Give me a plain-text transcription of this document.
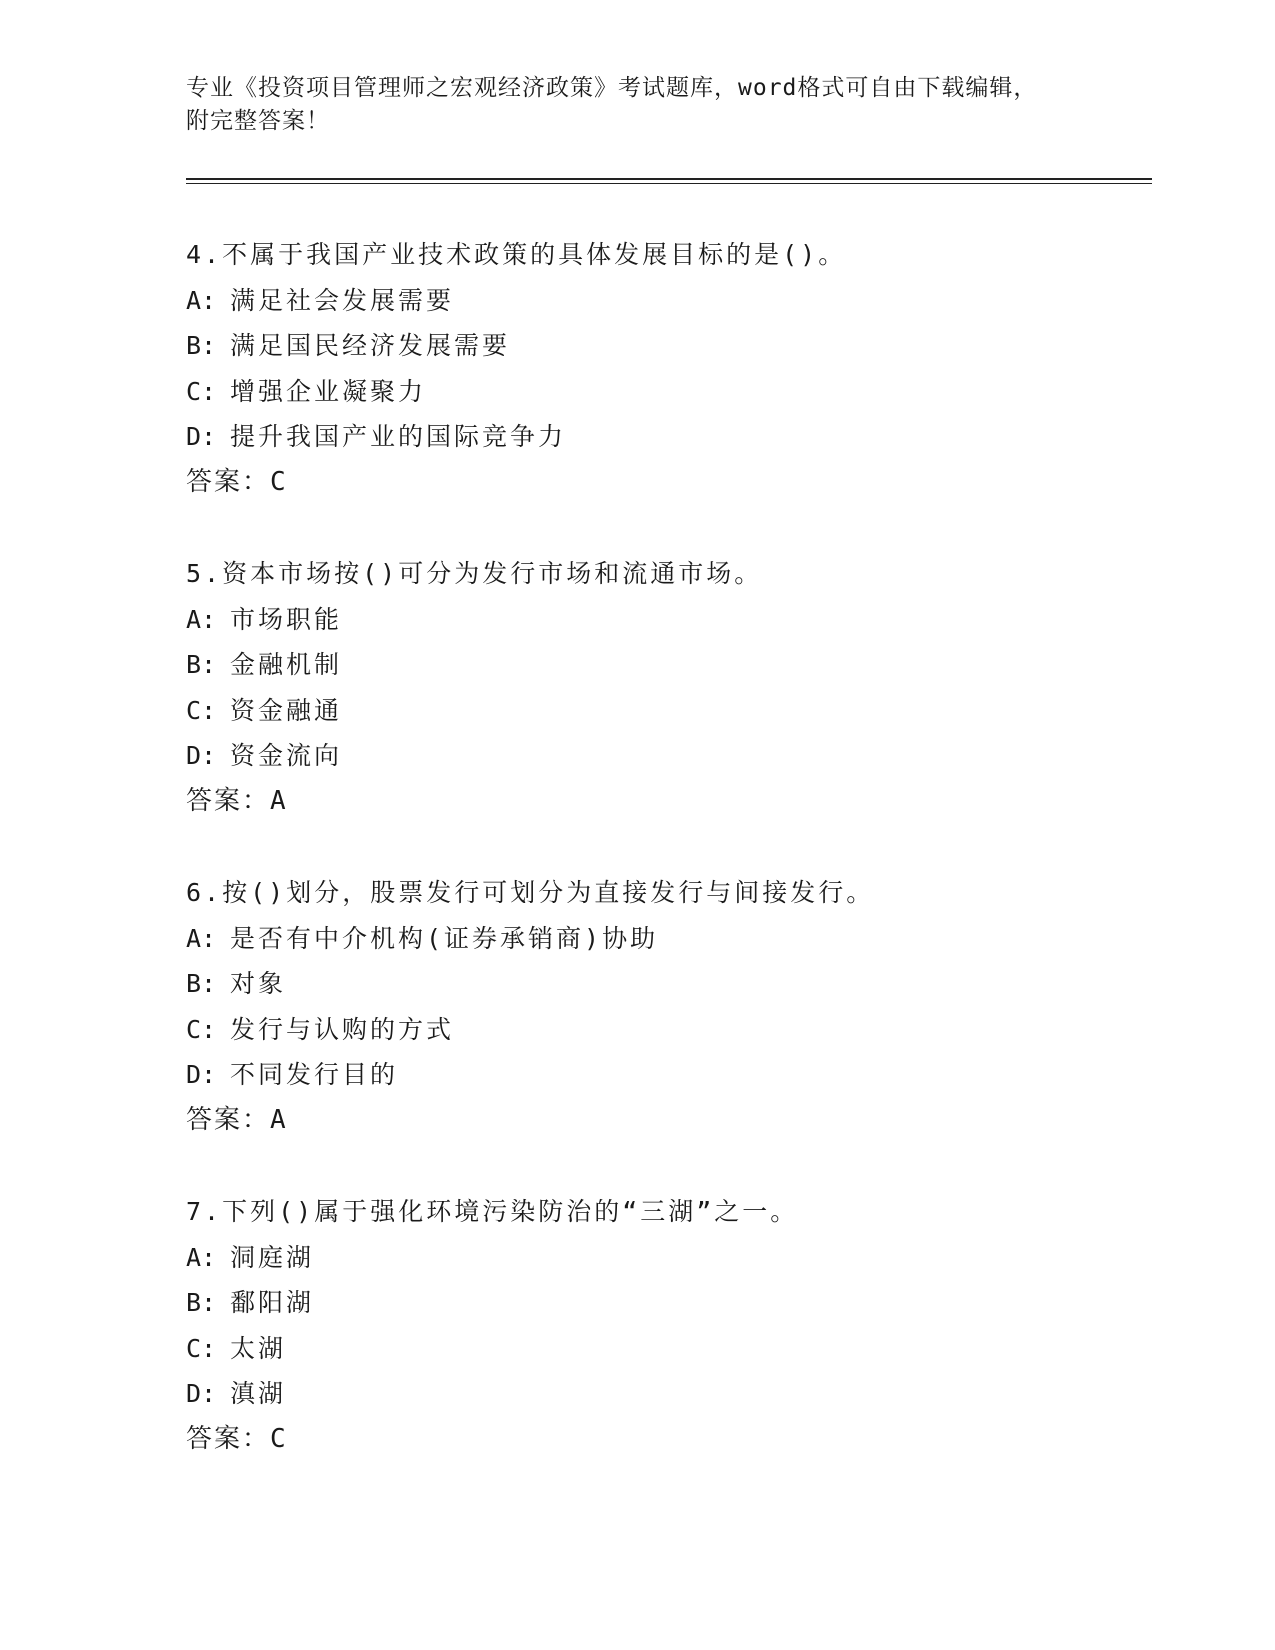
专业《投资项目管理师之宏观经济政策》考试题库，word格式可自由下载编辑，
附完整答案！
4.不属于我国产业技术政策的具体发展目标的是()。
A: 满足社会发展需要
B: 满足国民经济发展需要
C: 增强企业凝聚力
D: 提升我国产业的国际竞争力
答案：C
5.资本市场按()可分为发行市场和流通市场。
A: 市场职能
B: 金融机制
C: 资金融通
D: 资金流向
答案：A
6.按()划分，股票发行可划分为直接发行与间接发行。
A: 是否有中介机构(证券承销商)协助
B: 对象
C: 发行与认购的方式
D: 不同发行目的
答案：A
7.下列()属于强化环境污染防治的“三湖”之一。
A: 洞庭湖
B: 鄱阳湖
C: 太湖
D: 滇湖
答案：C
